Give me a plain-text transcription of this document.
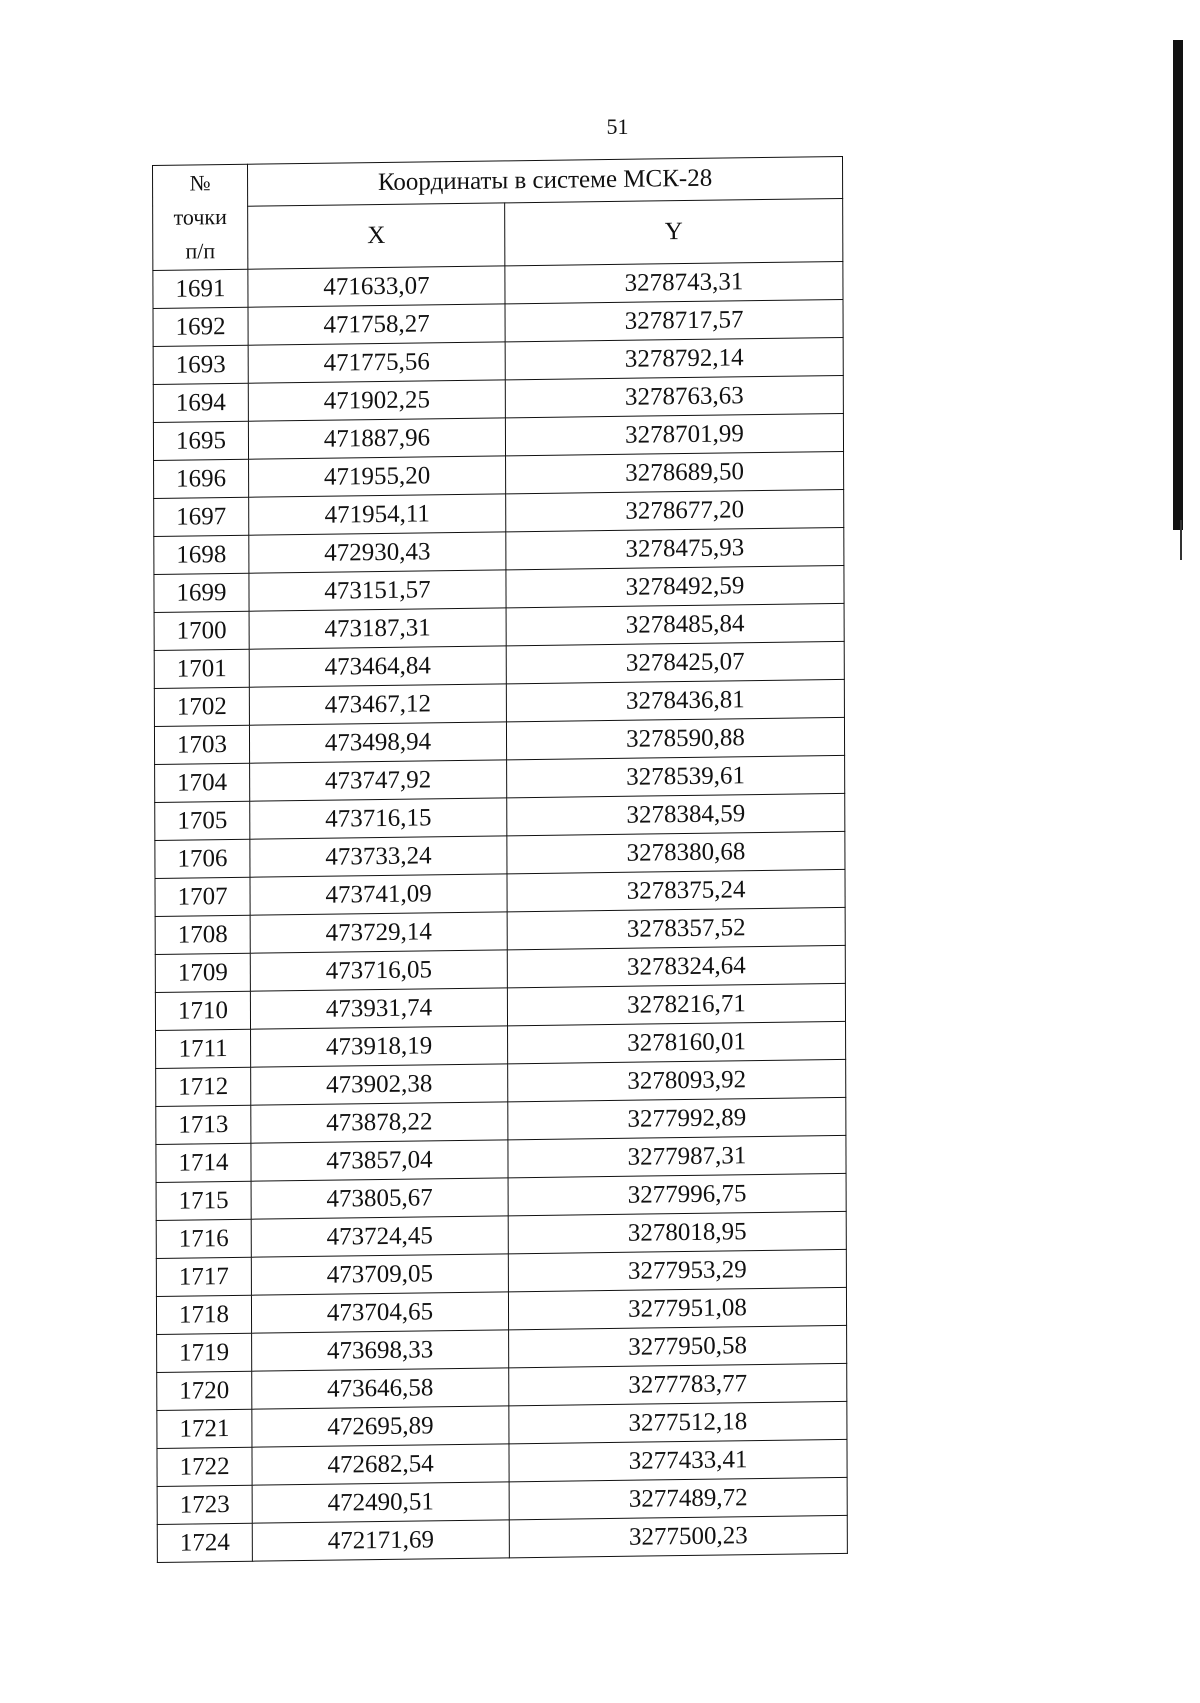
51
№
точки
п/п	Координаты в системе МСК-28	
	X	Y
1691	471633,07	3278743,31
1692	471758,27	3278717,57
1693	471775,56	3278792,14
1694	471902,25	3278763,63
1695	471887,96	3278701,99
1696	471955,20	3278689,50
1697	471954,11	3278677,20
1698	472930,43	3278475,93
1699	473151,57	3278492,59
1700	473187,31	3278485,84
1701	473464,84	3278425,07
1702	473467,12	3278436,81
1703	473498,94	3278590,88
1704	473747,92	3278539,61
1705	473716,15	3278384,59
1706	473733,24	3278380,68
1707	473741,09	3278375,24
1708	473729,14	3278357,52
1709	473716,05	3278324,64
1710	473931,74	3278216,71
1711	473918,19	3278160,01
1712	473902,38	3278093,92
1713	473878,22	3277992,89
1714	473857,04	3277987,31
1715	473805,67	3277996,75
1716	473724,45	3278018,95
1717	473709,05	3277953,29
1718	473704,65	3277951,08
1719	473698,33	3277950,58
1720	473646,58	3277783,77
1721	472695,89	3277512,18
1722	472682,54	3277433,41
1723	472490,51	3277489,72
1724	472171,69	3277500,23
